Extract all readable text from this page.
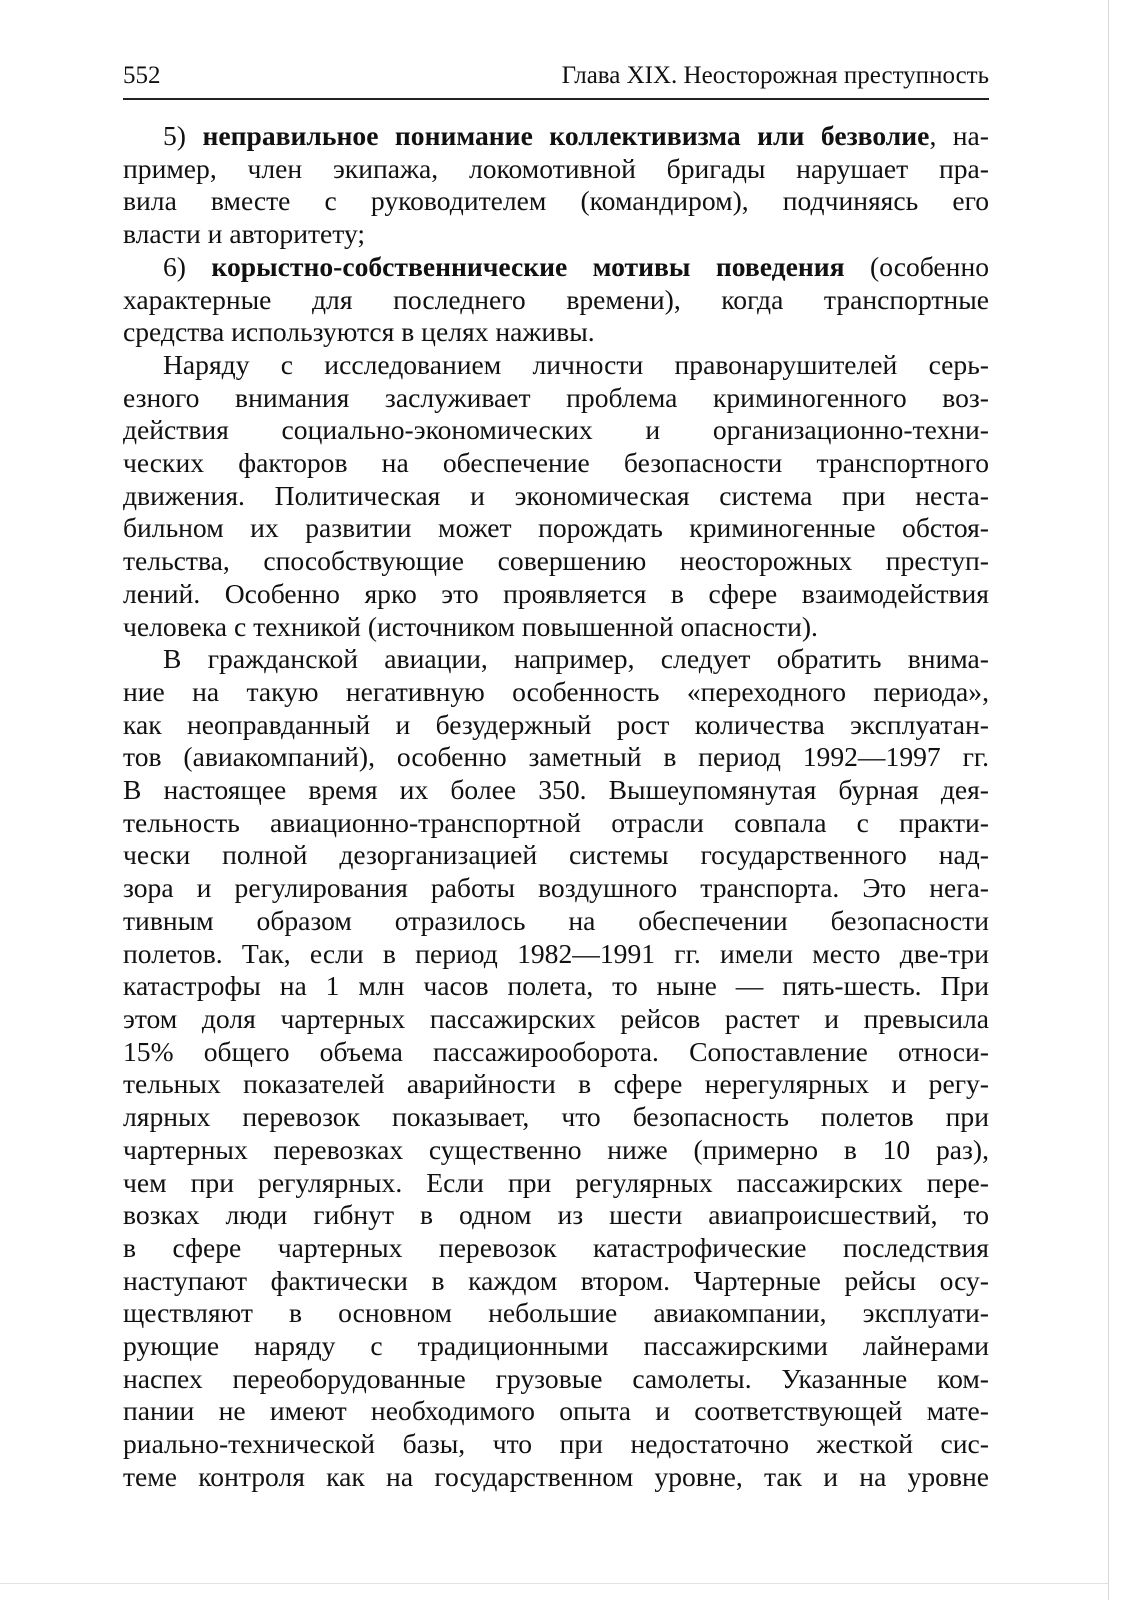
552	Глава XIX. Неосторожная преступность
5) неправильное понимание коллективизма или безволие, на-
пример, член экипажа, локомотивной бригады нарушает пра-
вила вместе с руководителем (командиром), подчиняясь его
власти и авторитету;
6) корыстно-собственнические мотивы поведения (особенно
характерные для последнего времени), когда транспортные
средства используются в целях наживы.
Наряду с исследованием личности правонарушителей серь-
езного внимания заслуживает проблема криминогенного воз-
действия социально-экономических и организационно-техни-
ческих факторов на обеспечение безопасности транспортного
движения. Политическая и экономическая система при неста-
бильном их развитии может порождать криминогенные обстоя-
тельства, способствующие совершению неосторожных преступ-
лений. Особенно ярко это проявляется в сфере взаимодействия
человека с техникой (источником повышенной опасности).
В гражданской авиации, например, следует обратить внима-
ние на такую негативную особенность «переходного периода»,
как неоправданный и безудержный рост количества эксплуатан-
тов (авиакомпаний), особенно заметный в период 1992—1997 гг.
В настоящее время их более 350. Вышеупомянутая бурная дея-
тельность авиационно-транспортной отрасли совпала с практи-
чески полной дезорганизацией системы государственного над-
зора и регулирования работы воздушного транспорта. Это нега-
тивным образом отразилось на обеспечении безопасности
полетов. Так, если в период 1982—1991 гг. имели место две-три
катастрофы на 1 млн часов полета, то ныне — пять-шесть. При
этом доля чартерных пассажирских рейсов растет и превысила
15% общего объема пассажирооборота. Сопоставление относи-
тельных показателей аварийности в сфере нерегулярных и регу-
лярных перевозок показывает, что безопасность полетов при
чартерных перевозках существенно ниже (примерно в 10 раз),
чем при регулярных. Если при регулярных пассажирских пере-
возках люди гибнут в одном из шести авиапроисшествий, то
в сфере чартерных перевозок катастрофические последствия
наступают фактически в каждом втором. Чартерные рейсы осу-
ществляют в основном небольшие авиакомпании, эксплуати-
рующие наряду с традиционными пассажирскими лайнерами
наспех переоборудованные грузовые самолеты. Указанные ком-
пании не имеют необходимого опыта и соответствующей мате-
риально-технической базы, что при недостаточно жесткой сис-
теме контроля как на государственном уровне, так и на уровне
